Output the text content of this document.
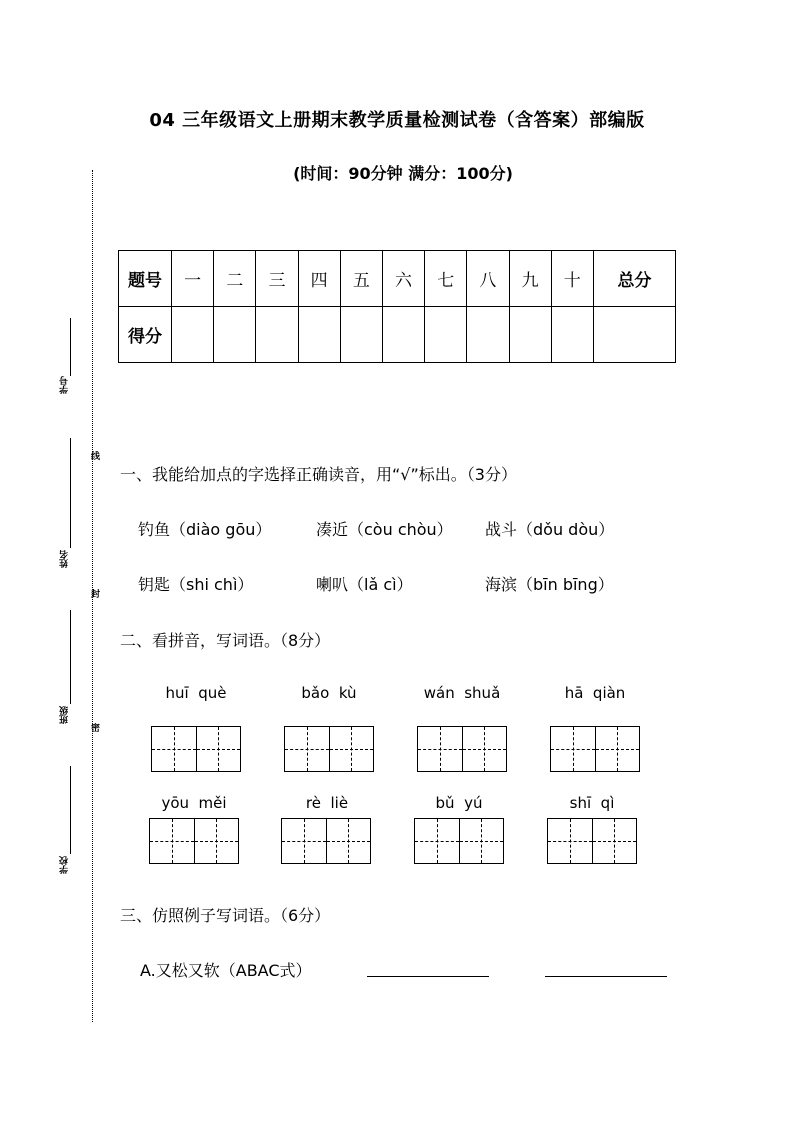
04 三年级语文上册期末教学质量检测试卷（含答案）部编版
(时间：90分钟 满分：100分)
学号
姓名
班级
学校
线
封
密
题号	一	二	三	四	五	六	七	八	九	十	总分
得分											
一、我能给加点的字选择正确读音，用“√”标出。（3分）
钓鱼（diào gōu）	凑近（còu chòu） 战斗（dǒu dòu）
钥匙（shi chì）	喇叭（lǎ cì）	海滨（bīn bīng）
二、看拼音，写词语。（8分）
huī  què	bǎo  kù	wán  shuǎ	hā  qiàn
yōu  měi	rè  liè	bǔ  yú	shī  qì
三、仿照例子写词语。（6分）
A.又松又软（ABAC式）
